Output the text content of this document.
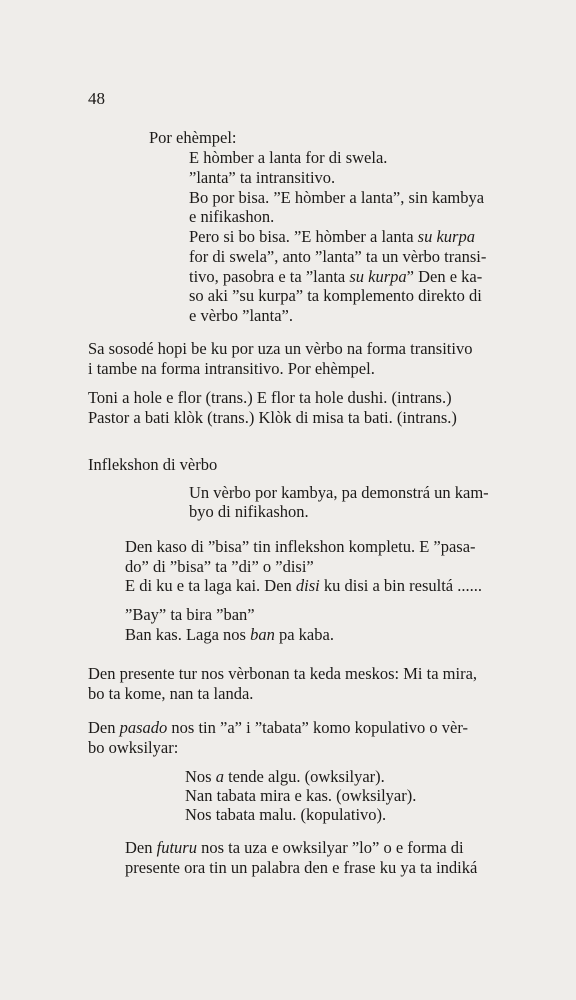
48
Por ehèmpel:
E hòmber a lanta for di swela.
”lanta” ta intransitivo.
Bo por bisa. ”E hòmber a lanta”, sin kambya
e nifikashon.
Pero si bo bisa. ”E hòmber a lanta su kurpa
for di swela”, anto ”lanta” ta un vèrbo transi-
tivo, pasobra e ta ”lanta su kurpa” Den e ka-
so aki ”su kurpa” ta komplemento direkto di
e vèrbo ”lanta”.
Sa sosodé hopi be ku por uza un vèrbo na forma transitivo
i tambe na forma intransitivo. Por ehèmpel.
Toni a hole e flor (trans.) E flor ta hole dushi. (intrans.)
Pastor a bati klòk (trans.) Klòk di misa ta bati. (intrans.)
Inflekshon di vèrbo
Un vèrbo por kambya, pa demonstrá un kam-
byo di nifikashon.
Den kaso di ”bisa” tin inflekshon kompletu. E ”pasa-
do” di ”bisa” ta ”di” o ”disi”
E di ku e ta laga kai. Den disi ku disi a bin resultá ......
”Bay” ta bira ”ban”
Ban kas. Laga nos ban pa kaba.
Den presente tur nos vèrbonan ta keda meskos: Mi ta mira,
bo ta kome, nan ta landa.
Den pasado nos tin ”a” i ”tabata” komo kopulativo o vèr-
bo owksilyar:
Nos a tende algu. (owksilyar).
Nan tabata mira e kas. (owksilyar).
Nos tabata malu. (kopulativo).
Den futuru nos ta uza e owksilyar ”lo” o e forma di
presente ora tin un palabra den e frase ku ya ta indiká
